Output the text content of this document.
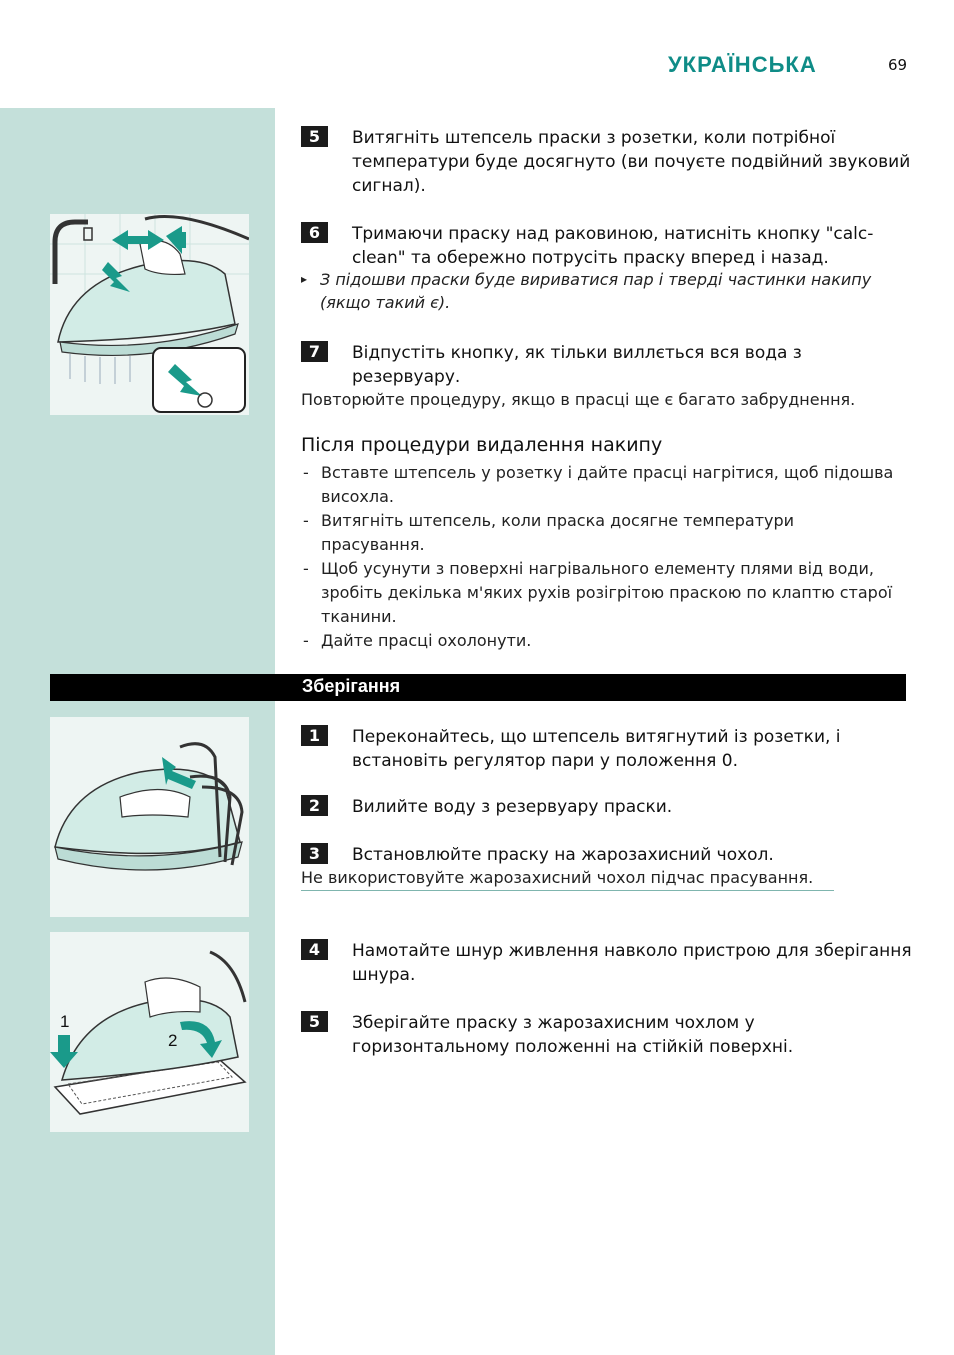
УКРАЇНСЬКА	69
1
2
5	Витягніть штепсель праски з розетки, коли потрібної температури буде досягнуто (ви почуєте подвійний звуковий сигнал).
6	Тримаючи праску над раковиною, натисніть кнопку "calc-clean" та обережно потрусіть праску вперед і назад.
▸ З підошви праски буде вириватися пар і тверді частинки накипу (якщо такий є).
7	Відпустіть кнопку, як тільки виллється вся вода з резервуару.
Повторюйте процедуру, якщо в прасці ще є багато забруднення.
Після процедури видалення накипу
- Вставте штепсель у розетку і дайте прасці нагрітися, щоб підошва висохла.
- Витягніть штепсель, коли праска досягне температури прасування.
- Щоб усунути з поверхні нагрівального елементу плями від води, зробіть декілька м'яких рухів розігрітою праскою по клаптю старої тканини.
- Дайте прасці охолонути.
Зберігання
1	Переконайтесь, що штепсель витягнутий із розетки, і встановіть регулятор пари у положення 0.
2	Вилийте воду з резервуару праски.
3	Встановлюйте праску на жарозахисний чохол.
Не використовуйте жарозахисний чохол підчас прасування.
4	Намотайте шнур живлення навколо пристрою для зберігання шнура.
5	Зберігайте праску з жарозахисним чохлом у горизонтальному положенні на стійкій поверхні.
